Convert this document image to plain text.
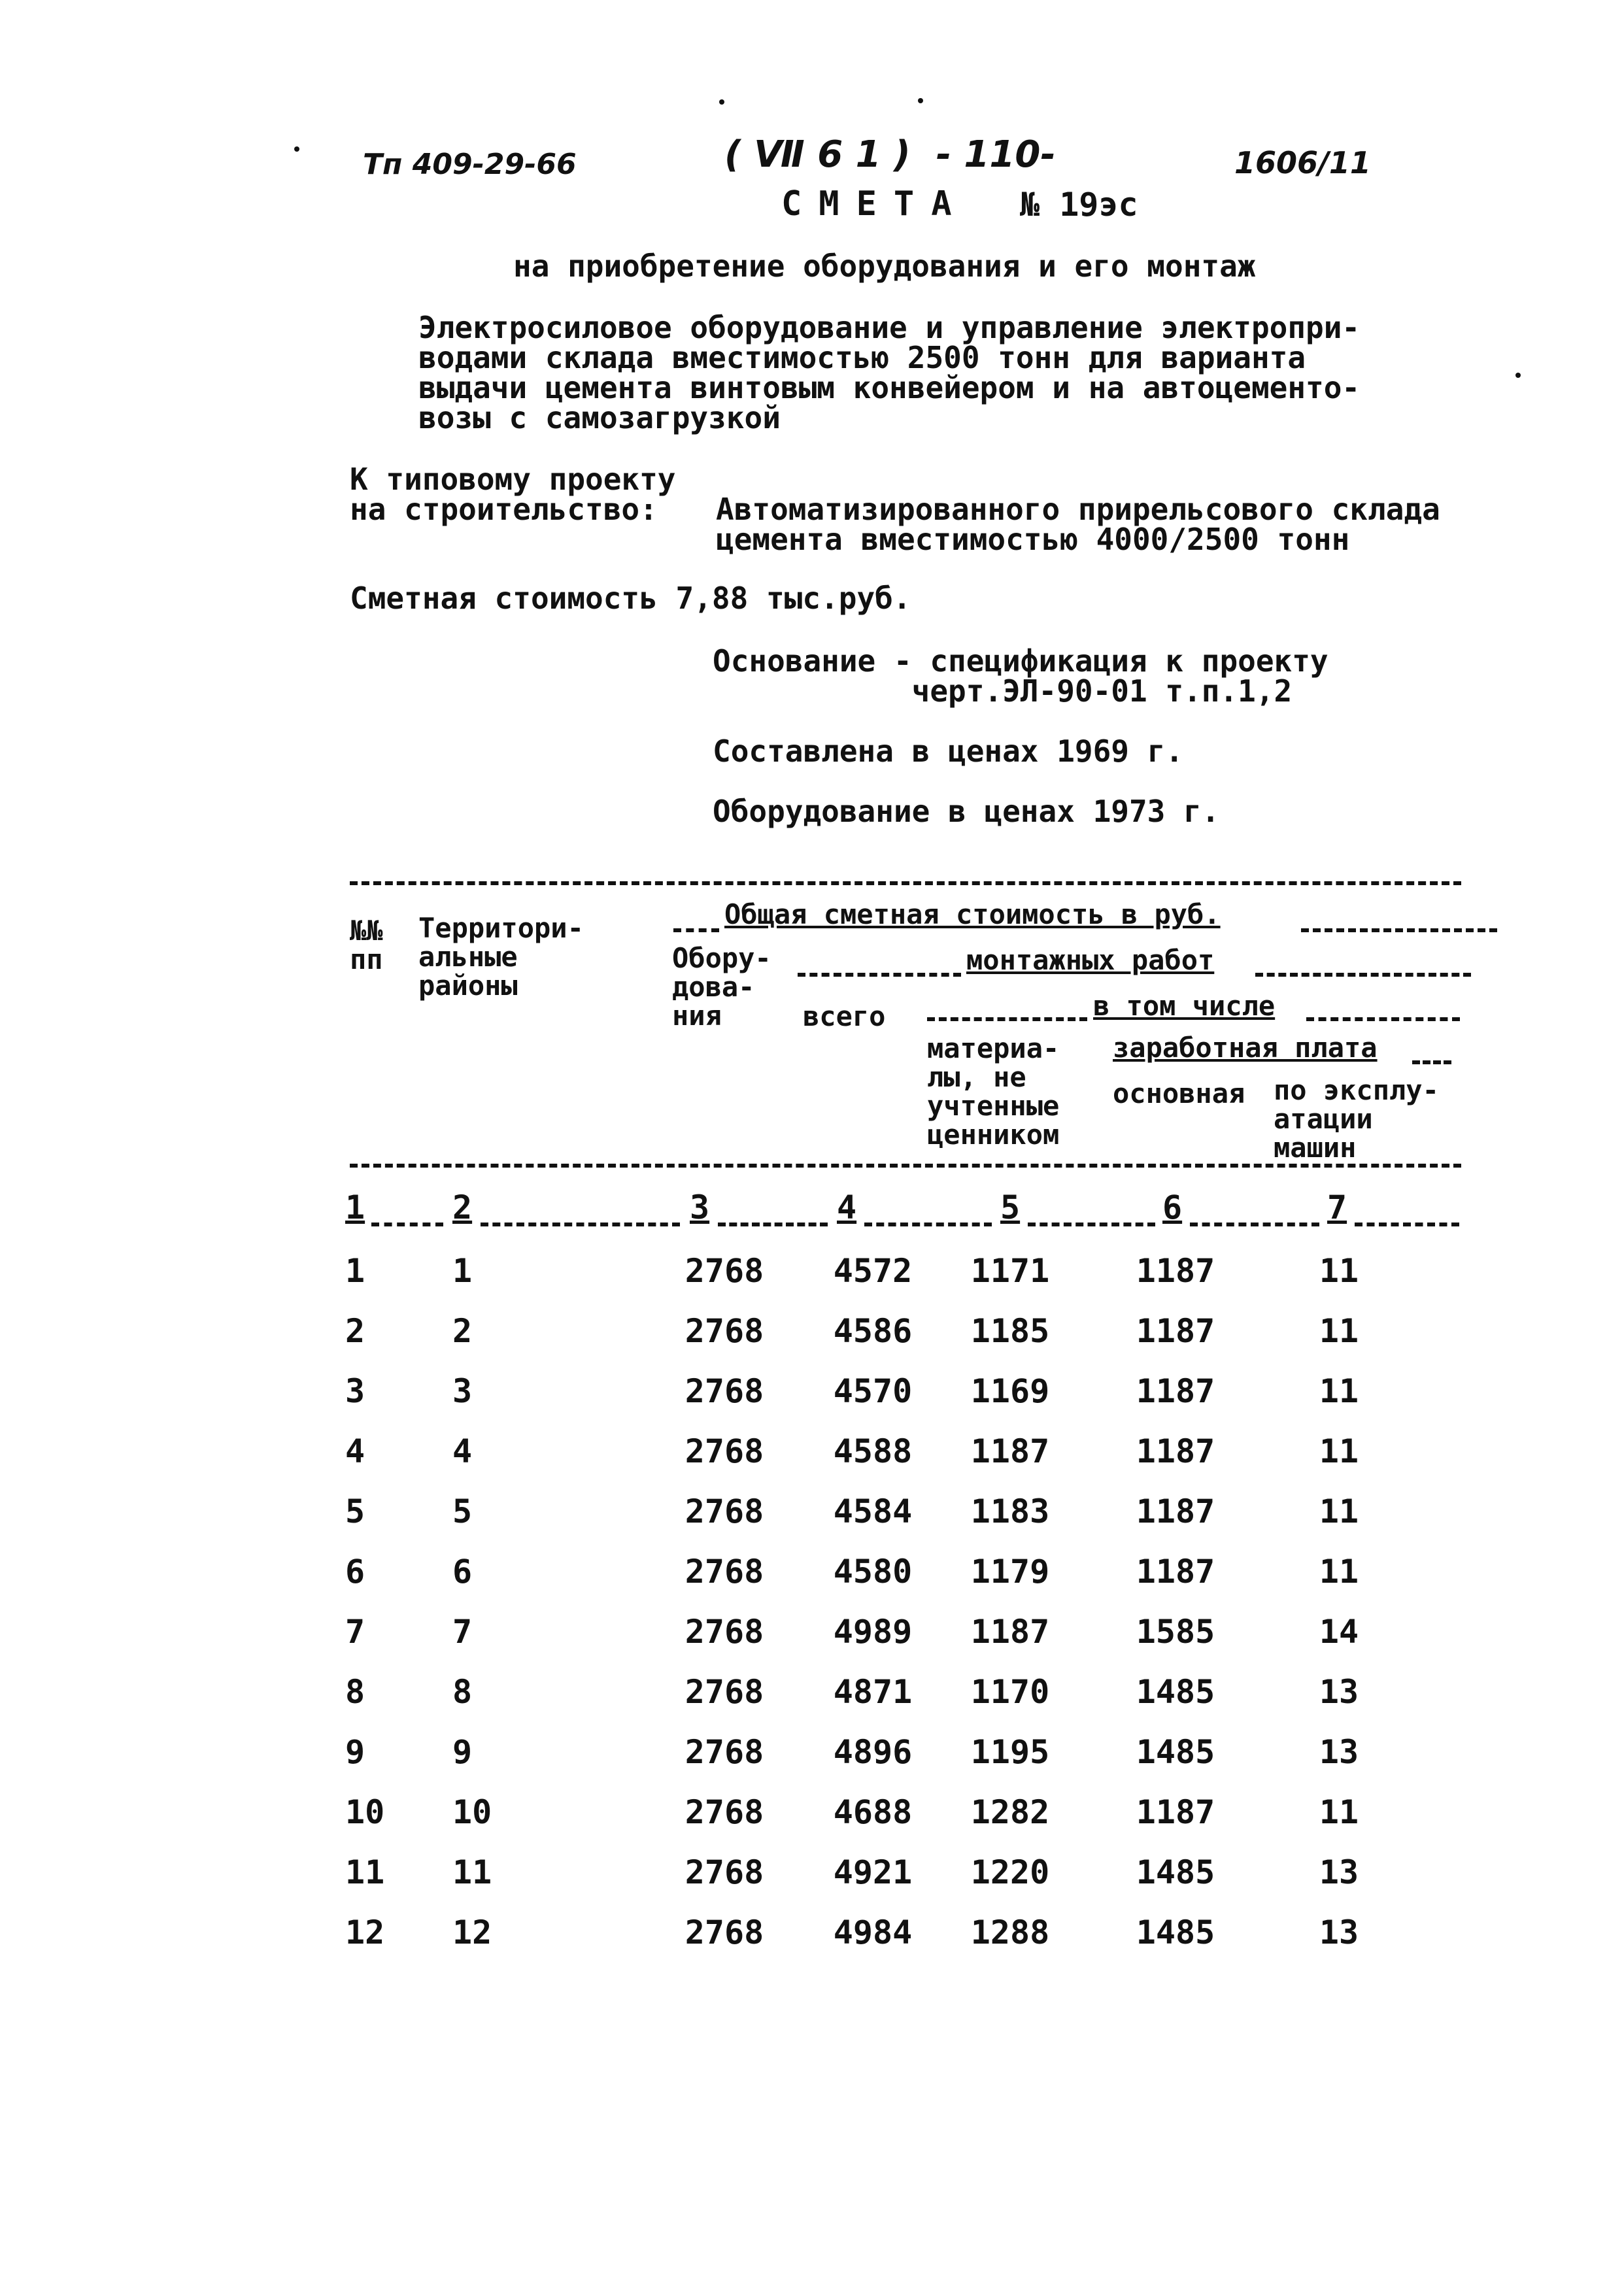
Тп 409-29-66	( Ⅶ 6 1 )  - 110-	1606/11
СМЕТА № 19эс
на приобретение оборудования и его монтаж
Электросиловое оборудование и управление электропри-
водами склада вместимостью 2500 тонн для варианта
выдачи цемента винтовым конвейером и на автоцементо-
возы с самозагрузкой
К типовому проекту
на строительство: Автоматизированного прирельсового склада
цемента вместимостью 4000/2500 тонн
Сметная стоимость 7,88 тыс.руб.
Основание - спецификация к проекту
черт.ЭЛ-90-01 т.п.1,2
Составлена в ценах 1969 г.
Оборудование в ценах 1973 г.
№№
пп
Территори-
альные
районы
Общая сметная стоимость в руб.
Обору-
дова-
ния
монтажных работ
всего	в том числе
материа-
лы, не
учтенные
ценником
заработная плата
основная по эксплу-
атации
машин
1	2	3	4	5	6	7
1	1	2768 4572 1171	1187	11
2	2	2768 4586 1185	1187	11
3	3	2768 4570 1169	1187	11
4	4	2768 4588 1187	1187	11
5	5	2768 4584 1183	1187	11
6	6	2768 4580 1179	1187	11
7	7	2768 4989 1187	1585	14
8	8	2768 4871 1170	1485	13
9	9	2768 4896 1195	1485	13
10 10	2768 4688 1282	1187	11
11 11	2768 4921 1220	1485	13
12 12	2768 4984 1288	1485	13
